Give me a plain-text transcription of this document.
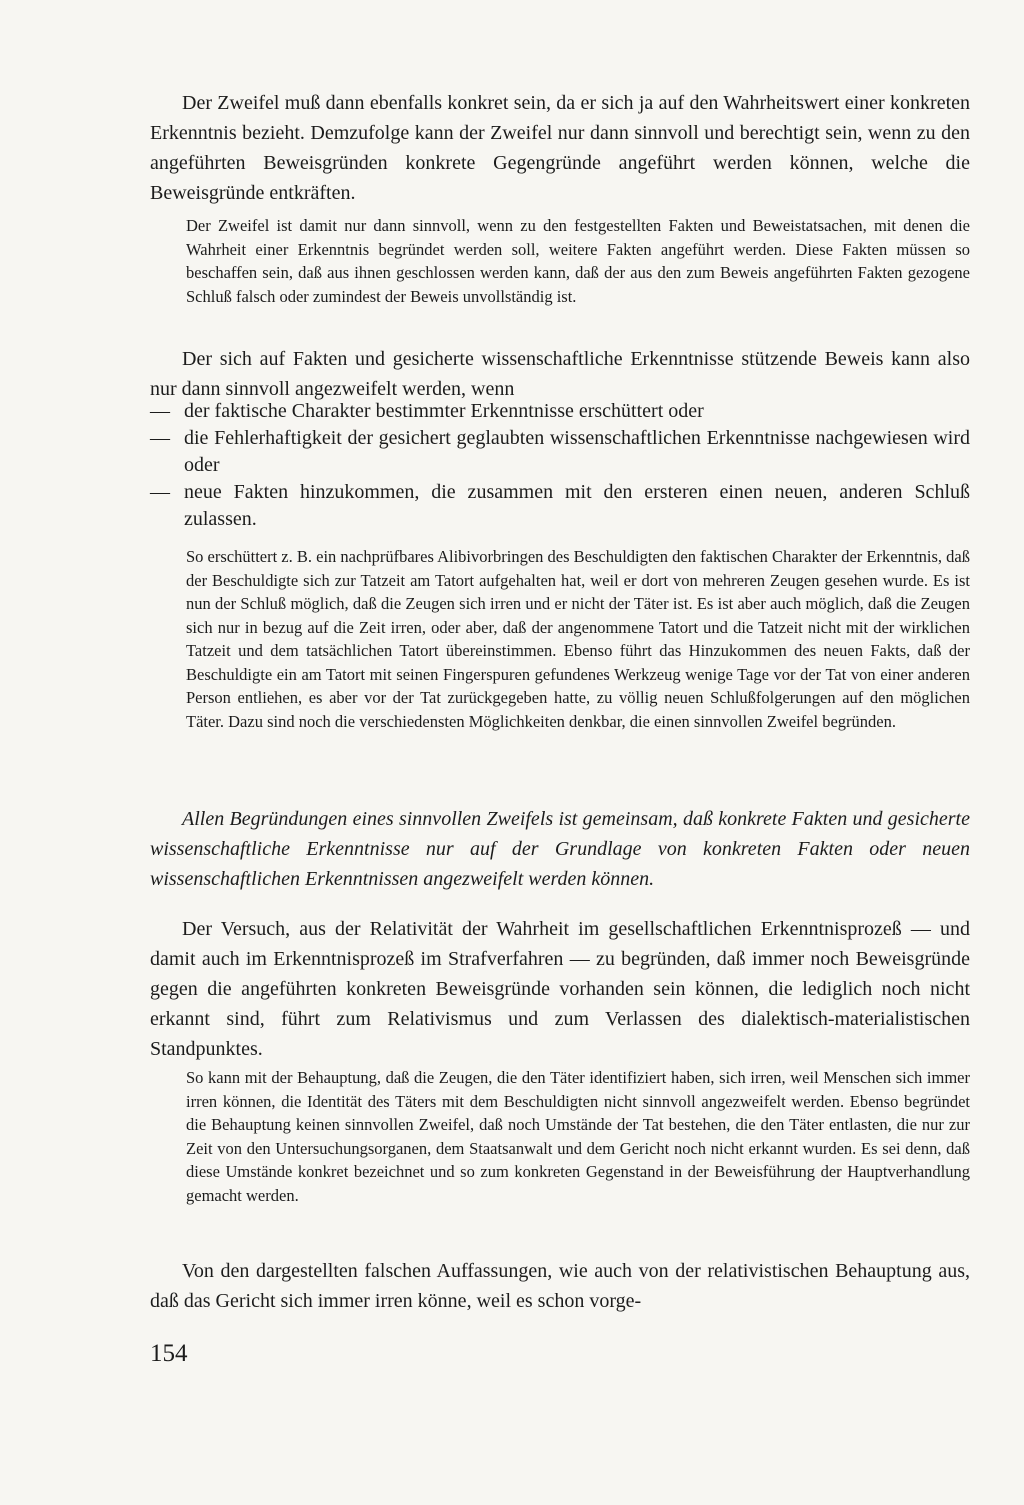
Der Zweifel muß dann ebenfalls konkret sein, da er sich ja auf den Wahrheitswert einer konkreten Erkenntnis bezieht. Demzufolge kann der Zweifel nur dann sinnvoll und berechtigt sein, wenn zu den angeführten Beweisgründen konkrete Gegengründe angeführt werden können, welche die Beweisgründe entkräften.

Der Zweifel ist damit nur dann sinnvoll, wenn zu den festgestellten Fakten und Beweistatsachen, mit denen die Wahrheit einer Erkenntnis begründet werden soll, weitere Fakten angeführt werden. Diese Fakten müssen so beschaffen sein, daß aus ihnen geschlossen werden kann, daß der aus den zum Beweis angeführten Fakten gezogene Schluß falsch oder zumindest der Beweis unvollständig ist.

Der sich auf Fakten und gesicherte wissenschaftliche Erkenntnisse stützende Beweis kann also nur dann sinnvoll angezweifelt werden, wenn

— der faktische Charakter bestimmter Erkenntnisse erschüttert oder
— die Fehlerhaftigkeit der gesichert geglaubten wissenschaftlichen Erkenntnisse nachgewiesen wird oder
— neue Fakten hinzukommen, die zusammen mit den ersteren einen neuen, anderen Schluß zulassen.

So erschüttert z. B. ein nachprüfbares Alibivorbringen des Beschuldigten den faktischen Charakter der Erkenntnis, daß der Beschuldigte sich zur Tatzeit am Tatort aufgehalten hat, weil er dort von mehreren Zeugen gesehen wurde. Es ist nun der Schluß möglich, daß die Zeugen sich irren und er nicht der Täter ist. Es ist aber auch möglich, daß die Zeugen sich nur in bezug auf die Zeit irren, oder aber, daß der angenommene Tatort und die Tatzeit nicht mit der wirklichen Tatzeit und dem tatsächlichen Tatort übereinstimmen. Ebenso führt das Hinzukommen des neuen Fakts, daß der Beschuldigte ein am Tatort mit seinen Fingerspuren gefundenes Werkzeug wenige Tage vor der Tat von einer anderen Person entliehen, es aber vor der Tat zurückgegeben hatte, zu völlig neuen Schlußfolgerungen auf den möglichen Täter. Dazu sind noch die verschiedensten Möglichkeiten denkbar, die einen sinnvollen Zweifel begründen.

Allen Begründungen eines sinnvollen Zweifels ist gemeinsam, daß konkrete Fakten und gesicherte wissenschaftliche Erkenntnisse nur auf der Grundlage von konkreten Fakten oder neuen wissenschaftlichen Erkenntnissen angezweifelt werden können.

Der Versuch, aus der Relativität der Wahrheit im gesellschaftlichen Erkenntnisprozeß — und damit auch im Erkenntnisprozeß im Strafverfahren — zu begründen, daß immer noch Beweisgründe gegen die angeführten konkreten Beweisgründe vorhanden sein können, die lediglich noch nicht erkannt sind, führt zum Relativismus und zum Verlassen des dialektisch-materialistischen Standpunktes.

So kann mit der Behauptung, daß die Zeugen, die den Täter identifiziert haben, sich irren, weil Menschen sich immer irren können, die Identität des Täters mit dem Beschuldigten nicht sinnvoll angezweifelt werden. Ebenso begründet die Behauptung keinen sinnvollen Zweifel, daß noch Umstände der Tat bestehen, die den Täter entlasten, die nur zur Zeit von den Untersuchungsorganen, dem Staatsanwalt und dem Gericht noch nicht erkannt wurden. Es sei denn, daß diese Umstände konkret bezeichnet und so zum konkreten Gegenstand in der Beweisführung der Hauptverhandlung gemacht werden.

Von den dargestellten falschen Auffassungen, wie auch von der relativistischen Behauptung aus, daß das Gericht sich immer irren könne, weil es schon vorge-

154
